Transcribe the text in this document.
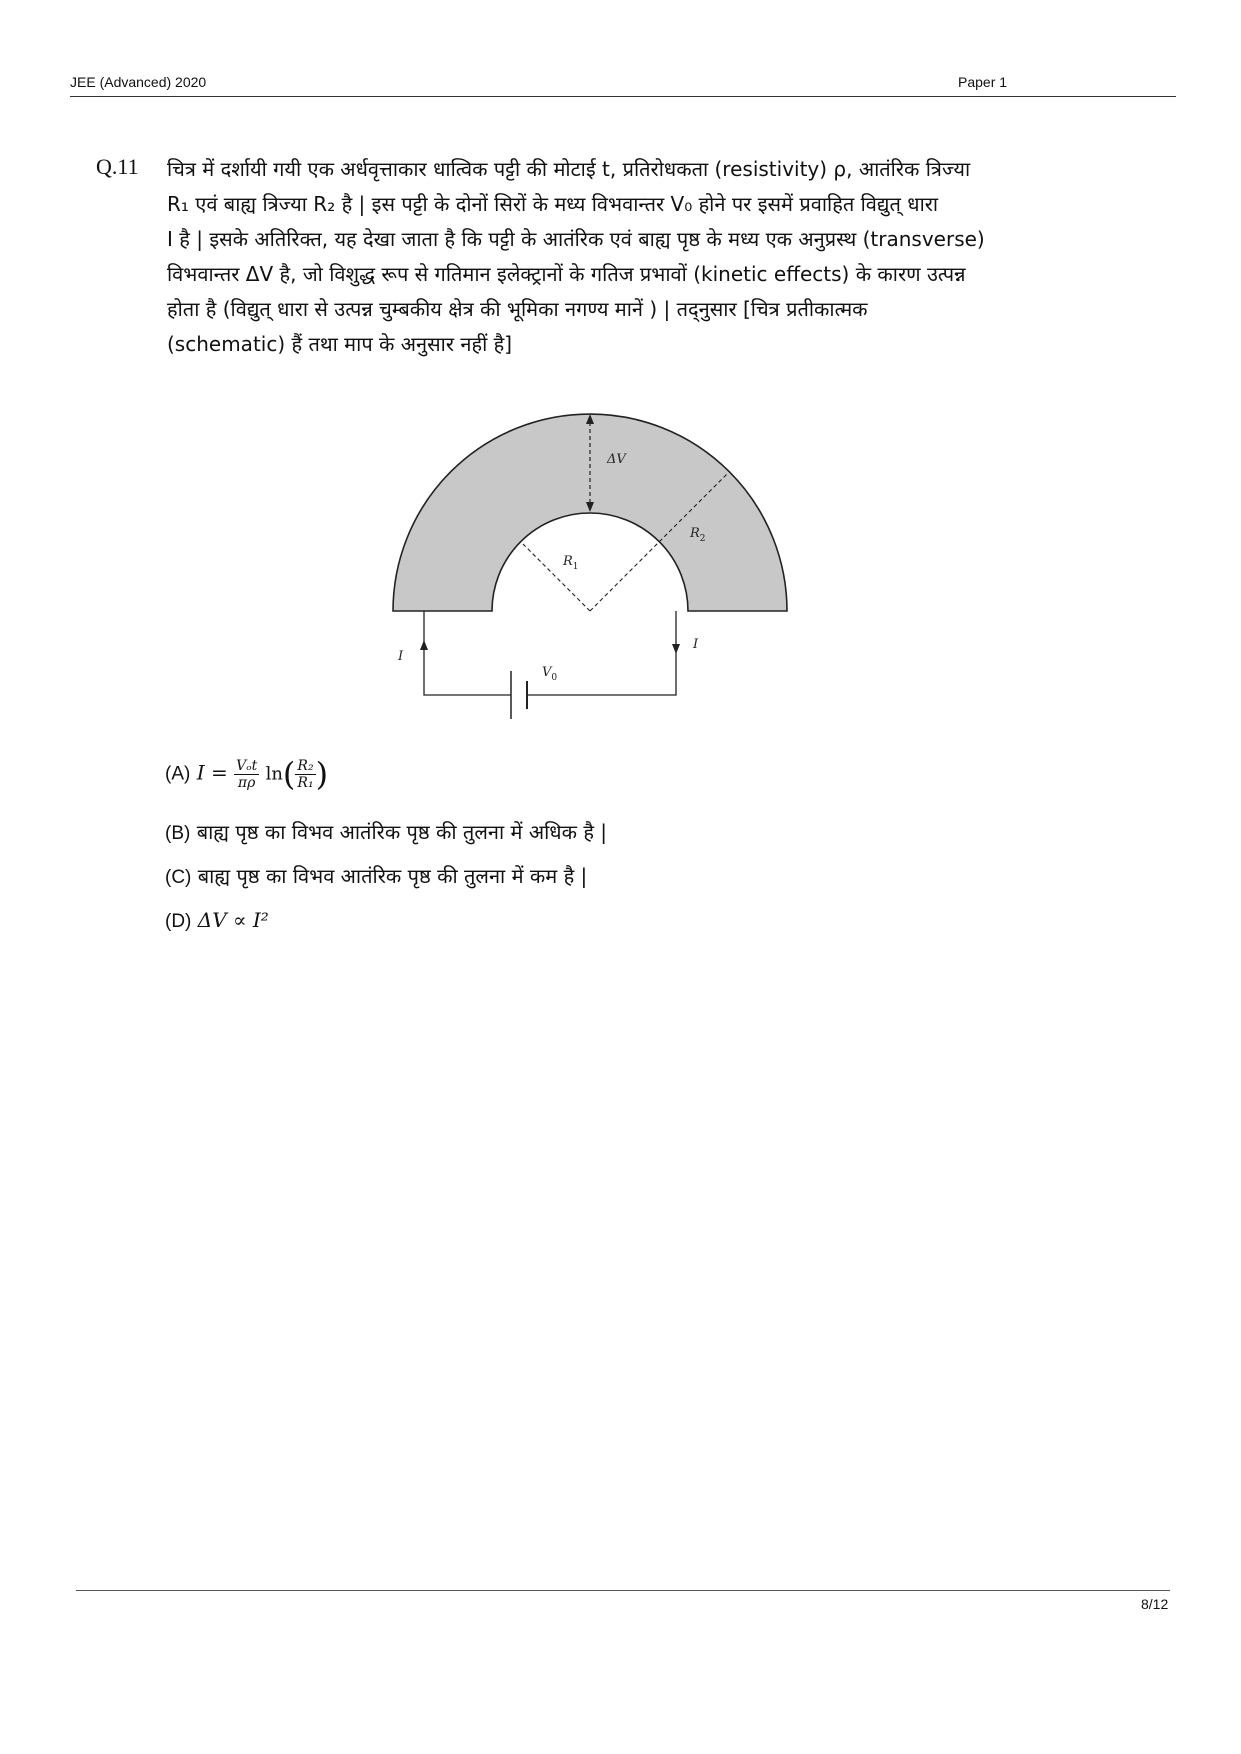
JEE (Advanced) 2020	Paper 1
Q.11 चित्र में दर्शायी गयी एक अर्धवृत्ताकार धात्विक पट्टी की मोटाई t, प्रतिरोधकता (resistivity) ρ, आतंरिक त्रिज्या

R₁ एवं बाह्य त्रिज्या R₂ है | इस पट्टी के दोनों सिरों के मध्य विभवान्तर V₀ होने पर इसमें प्रवाहित विद्युत् धारा

I है | इसके अतिरिक्त, यह देखा जाता है कि पट्टी के आतंरिक एवं बाह्य पृष्ठ के मध्य एक अनुप्रस्थ (transverse)

विभवान्तर ΔV है, जो विशुद्ध रूप से गतिमान इलेक्ट्रानों के गतिज प्रभावों (kinetic effects) के कारण उत्पन्न

होता है (विद्युत् धारा से उत्पन्न चुम्बकीय क्षेत्र की भूमिका नगण्य मानें ) | तद्नुसार [चित्र प्रतीकात्मक

(schematic) हैं तथा माप के अनुसार नहीं है]

ΔV
$R_2$
$R_1$
I
I
$V_0$
(A) $I = \frac{\text{Vₒt}}{\pi\rho} \ln( \frac{\text{R₂}}{\text{R₁}}$ )
(B) बाह्य पृष्ठ का विभव आतंरिक पृष्ठ की तुलना में अधिक है |
(C) बाह्य पृष्ठ का विभव आतंरिक पृष्ठ की तुलना में कम है |
(D) ΔV ∝ I²
8/12
